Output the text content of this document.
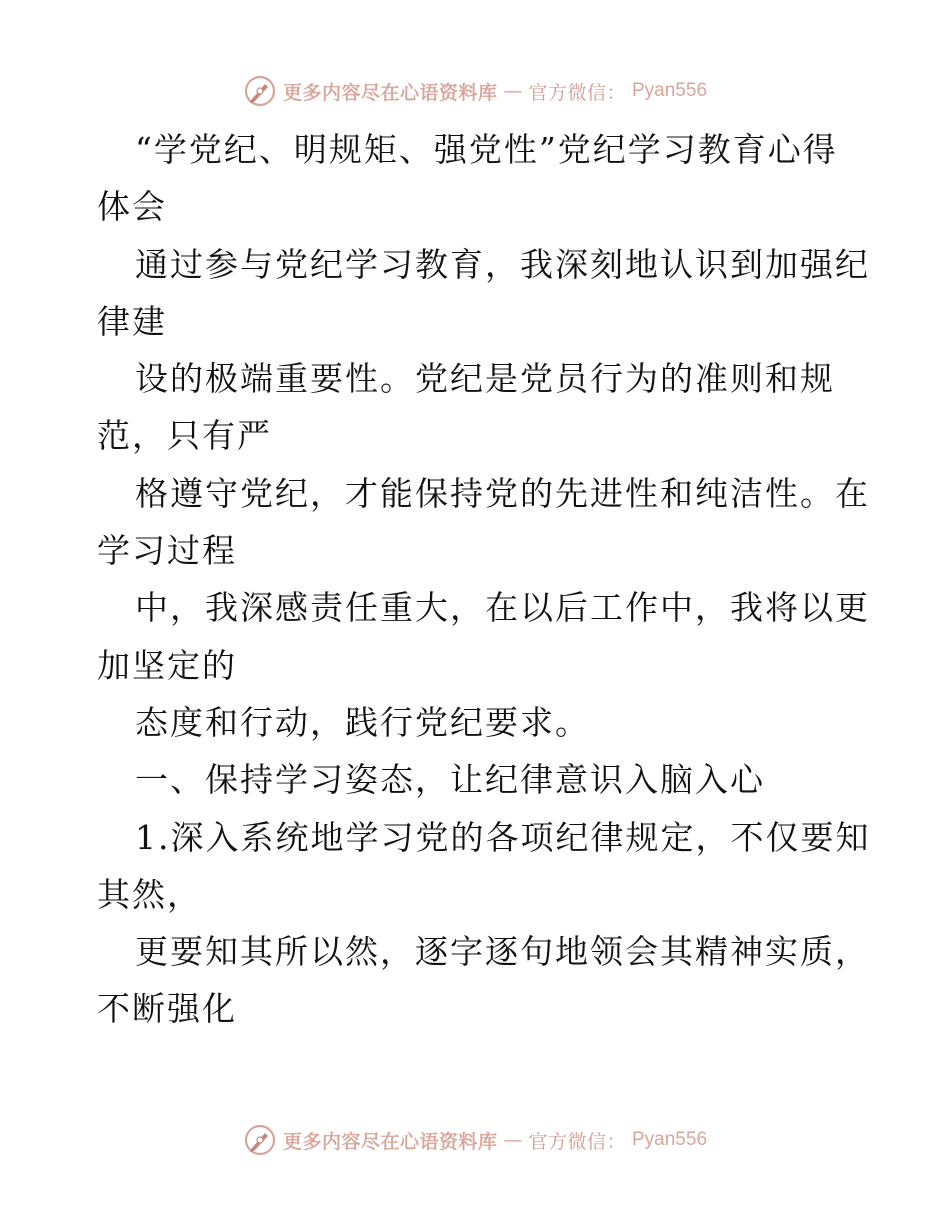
更多内容尽在心语资料库 — 官方微信： Pyan556
“学党纪、明规矩、强党性”党纪学习教育心得
体会
通过参与党纪学习教育，我深刻地认识到加强纪
律建
设的极端重要性。党纪是党员行为的准则和规
范，只有严
格遵守党纪，才能保持党的先进性和纯洁性。在
学习过程
中，我深感责任重大，在以后工作中，我将以更
加坚定的
态度和行动，践行党纪要求。
一、保持学习姿态，让纪律意识入脑入心
1.深入系统地学习党的各项纪律规定，不仅要知
其然，
更要知其所以然，逐字逐句地领会其精神实质，
不断强化
更多内容尽在心语资料库 — 官方微信： Pyan556
